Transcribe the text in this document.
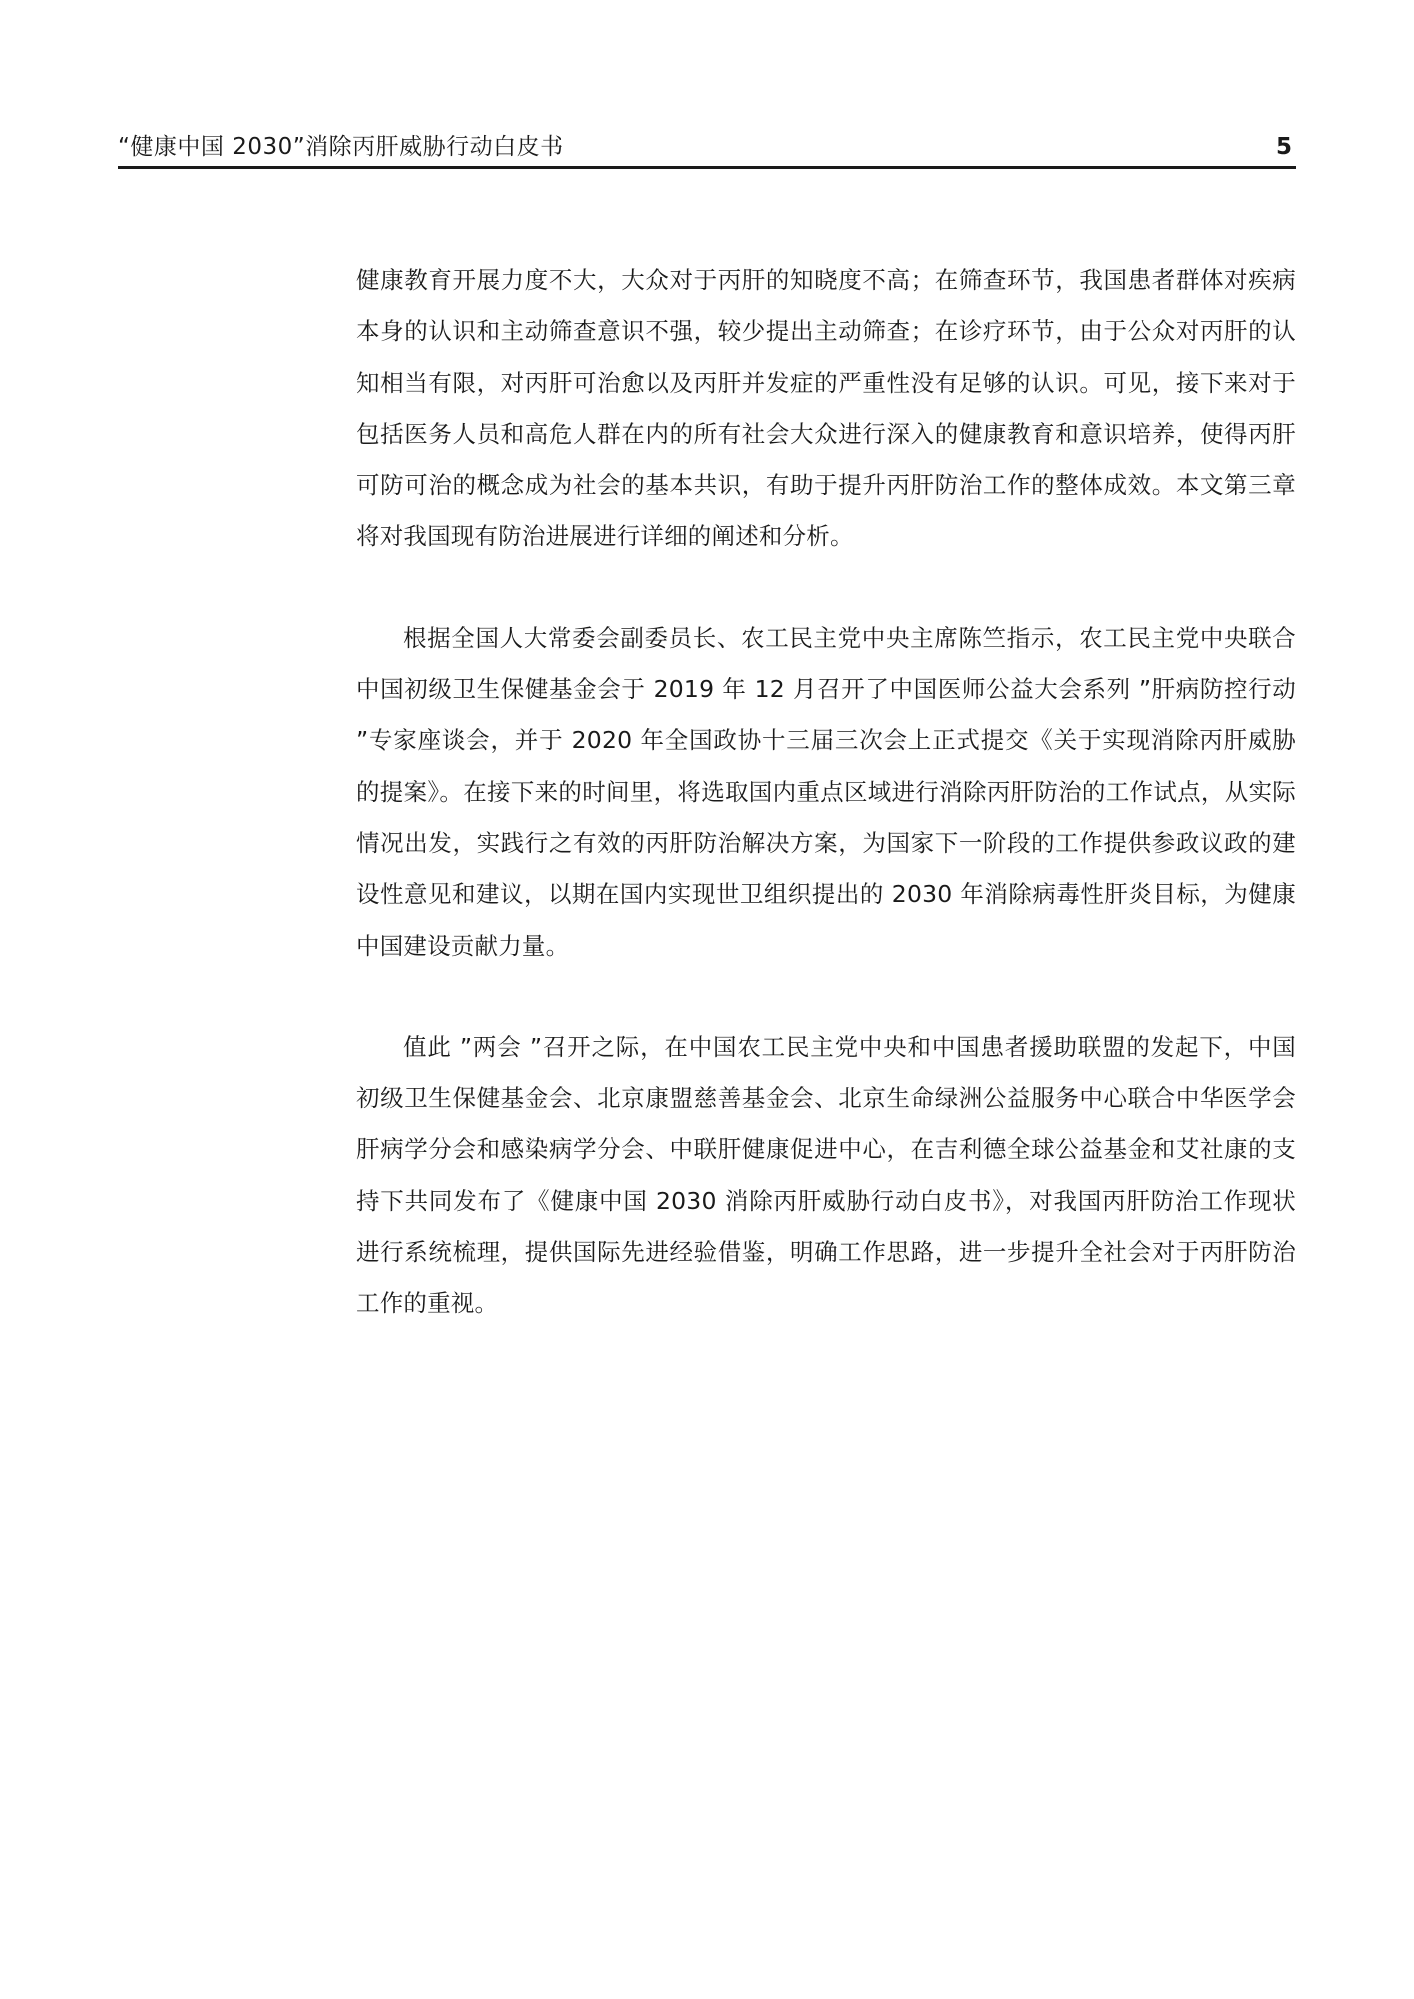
“健康中国 2030”消除丙肝威胁行动白皮书	5

健康教育开展力度不大，大众对于丙肝的知晓度不高；在筛查环节，我国患者群体对疾病本身的认识和主动筛查意识不强，较少提出主动筛查；在诊疗环节，由于公众对丙肝的认知相当有限，对丙肝可治愈以及丙肝并发症的严重性没有足够的认识。可见，接下来对于包括医务人员和高危人群在内的所有社会大众进行深入的健康教育和意识培养，使得丙肝可防可治的概念成为社会的基本共识，有助于提升丙肝防治工作的整体成效。本文第三章将对我国现有防治进展进行详细的阐述和分析。

根据全国人大常委会副委员长、农工民主党中央主席陈竺指示，农工民主党中央联合中国初级卫生保健基金会于 2019 年 12 月召开了中国医师公益大会系列 ”肝病防控行动 ”专家座谈会，并于 2020 年全国政协十三届三次会上正式提交《关于实现消除丙肝威胁的提案》。在接下来的时间里，将选取国内重点区域进行消除丙肝防治的工作试点，从实际情况出发，实践行之有效的丙肝防治解决方案，为国家下一阶段的工作提供参政议政的建设性意见和建议，以期在国内实现世卫组织提出的 2030 年消除病毒性肝炎目标，为健康中国建设贡献力量。

值此 ”两会 ”召开之际，在中国农工民主党中央和中国患者援助联盟的发起下，中国初级卫生保健基金会、北京康盟慈善基金会、北京生命绿洲公益服务中心联合中华医学会肝病学分会和感染病学分会、中联肝健康促进中心，在吉利德全球公益基金和艾社康的支持下共同发布了《健康中国 2030 消除丙肝威胁行动白皮书》，对我国丙肝防治工作现状进行系统梳理，提供国际先进经验借鉴，明确工作思路，进一步提升全社会对于丙肝防治工作的重视。
